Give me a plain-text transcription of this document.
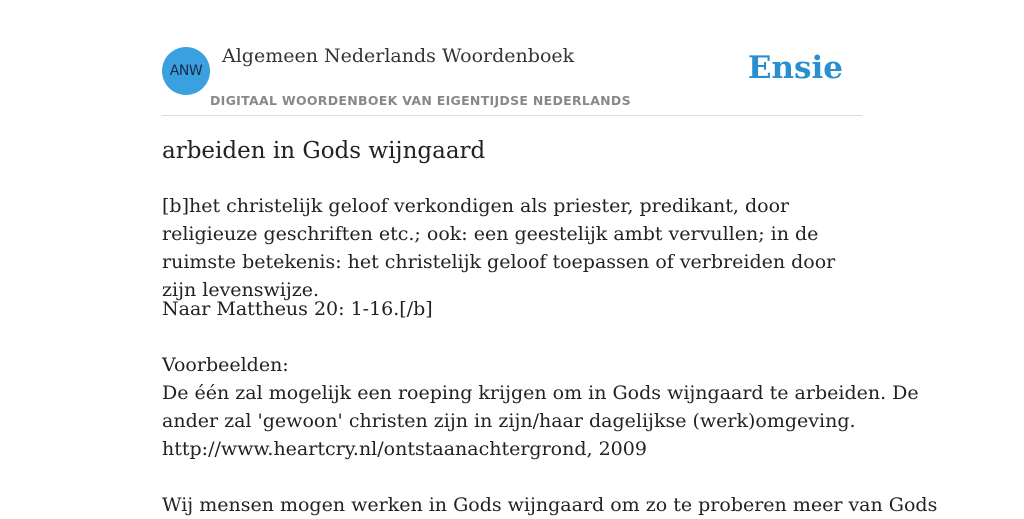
ANW
Algemeen Nederlands Woordenboek
DIGITAAL WOORDENBOEK VAN EIGENTIJDSE NEDERLANDS
Ensie
arbeiden in Gods wijngaard

[b]het christelijk geloof verkondigen als priester, predikant, door religieuze geschriften etc.; ook: een geestelijk ambt vervullen; in de ruimste betekenis: het christelijk geloof toepassen of verbreiden door zijn levenswijze.

Naar Mattheus 20: 1-16.[/b]
Voorbeelden:
De één zal mogelijk een roeping krijgen om in Gods wijngaard te arbeiden. De
ander zal 'gewoon' christen zijn in zijn/haar dagelijkse (werk)omgeving.
http://www.heartcry.nl/ontstaanachtergrond, 2009
Wij mensen mogen werken in Gods wijngaard om zo te proberen meer van Gods
